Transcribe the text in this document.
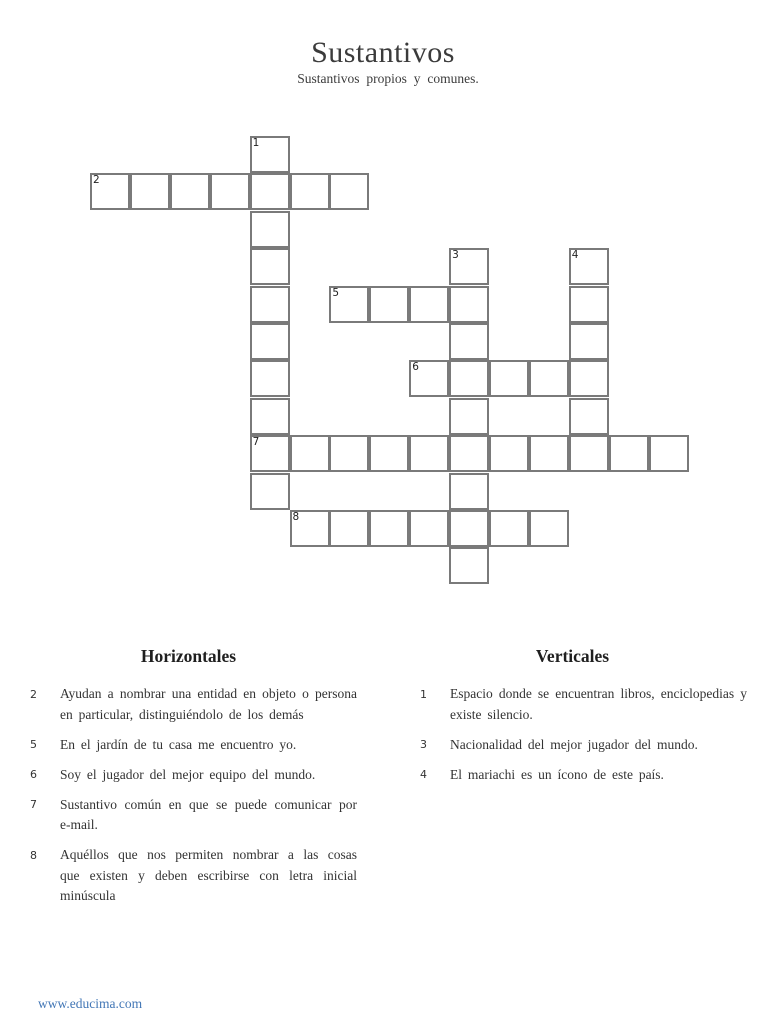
Sustantivos
Sustantivos propios y comunes.
1
2
3	4
5
6
7
8
Horizontales
2	Ayudan a nombrar una entidad en objeto o persona en particular, distinguiéndolo de los demás
5	En el jardín de tu casa me encuentro yo.
6	Soy el jugador del mejor equipo del mundo.
7	Sustantivo común en que se puede comunicar por e-mail.
8	Aquéllos que nos permiten nombrar a las cosas que existen y deben escribirse con letra inicial minúscula
Verticales
1	Espacio donde se encuentran libros, enciclopedias y existe silencio.
3	Nacionalidad del mejor jugador del mundo.
4	El mariachi es un ícono de este país.
www.educima.com
